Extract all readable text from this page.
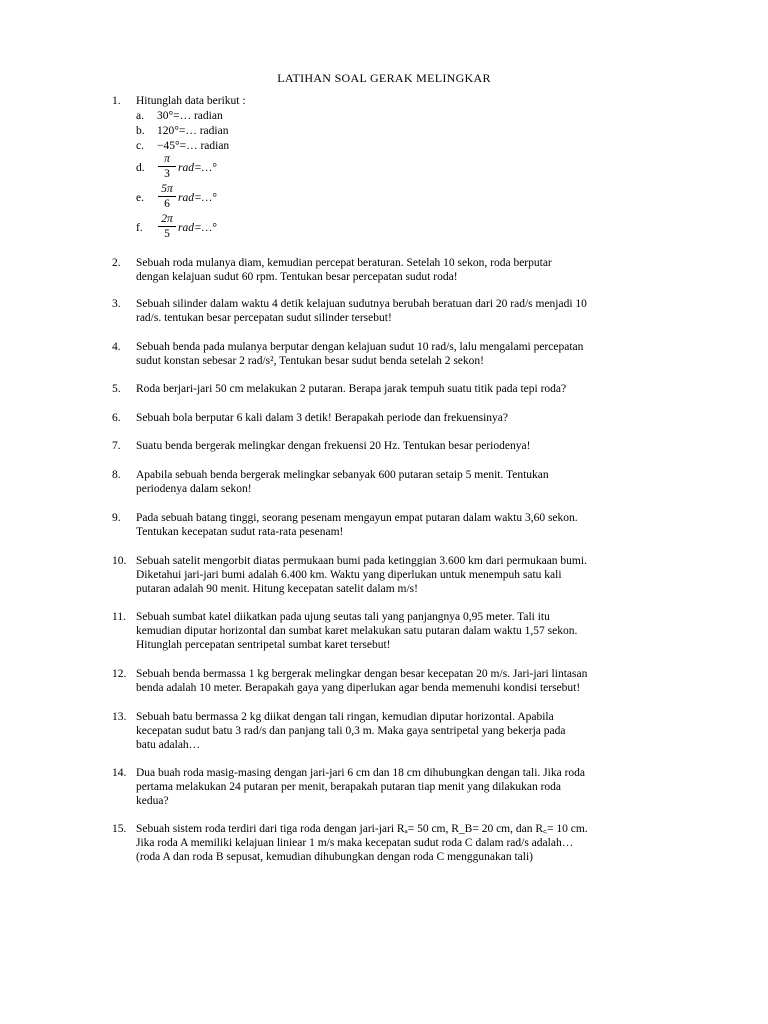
LATIHAN SOAL GERAK MELINGKAR
1. Hitunglah data berikut :
a. 30°=… radian
b. 120°=… radian
c. −45°=… radian
d. $\frac{\pi}{3}$ rad=…°
e. $\frac{5\pi}{6}$ rad=…°
f. $\frac{2\pi}{5}$ rad=…°
2. Sebuah roda mulanya diam, kemudian percepat beraturan. Setelah 10 sekon, roda berputar
dengan kelajuan sudut 60 rpm. Tentukan besar percepatan sudut roda!
3. Sebuah silinder dalam waktu 4 detik kelajuan sudutnya berubah beratuan dari 20 rad/s menjadi 10
rad/s. tentukan besar percepatan sudut silinder tersebut!
4. Sebuah benda pada mulanya berputar dengan kelajuan sudut 10 rad/s, lalu mengalami percepatan
sudut konstan sebesar 2 rad/s², Tentukan besar sudut benda setelah 2 sekon!
5. Roda berjari-jari 50 cm melakukan 2 putaran. Berapa jarak tempuh suatu titik pada tepi roda?
6. Sebuah bola berputar 6 kali dalam 3 detik! Berapakah periode dan frekuensinya?
7. Suatu benda bergerak melingkar dengan frekuensi 20 Hz. Tentukan besar periodenya!
8. Apabila sebuah benda bergerak melingkar sebanyak 600 putaran setaip 5 menit. Tentukan
periodenya dalam sekon!
9. Pada sebuah batang tinggi, seorang pesenam mengayun empat putaran dalam waktu 3,60 sekon.
Tentukan kecepatan sudut rata-rata pesenam!
10. Sebuah satelit mengorbit diatas permukaan bumi pada ketinggian 3.600 km dari permukaan bumi.
Diketahui jari-jari bumi adalah 6.400 km. Waktu yang diperlukan untuk menempuh satu kali
putaran adalah 90 menit. Hitung kecepatan satelit dalam m/s!
11. Sebuah sumbat katel diikatkan pada ujung seutas tali yang panjangnya 0,95 meter. Tali itu
kemudian diputar horizontal dan sumbat karet melakukan satu putaran dalam waktu 1,57 sekon.
Hitunglah percepatan sentripetal sumbat karet tersebut!
12. Sebuah benda bermassa 1 kg bergerak melingkar dengan besar kecepatan 20 m/s. Jari-jari lintasan
benda adalah 10 meter. Berapakah gaya yang diperlukan agar benda memenuhi kondisi tersebut!
13. Sebuah batu bermassa 2 kg diikat dengan tali ringan, kemudian diputar horizontal. Apabila
kecepatan sudut batu 3 rad/s dan panjang tali 0,3 m. Maka gaya sentripetal yang bekerja pada
batu adalah…
14. Dua buah roda masig-masing dengan jari-jari 6 cm dan 18 cm dihubungkan dengan tali. Jika roda
pertama melakukan 24 putaran per menit, berapakah putaran tiap menit yang dilakukan roda
kedua?
15. Sebuah sistem roda terdiri dari tiga roda dengan jari-jari Rₐ= 50 cm, R_B= 20 cm, dan R꜀= 10 cm.
Jika roda A memiliki kelajuan liniear 1 m/s maka kecepatan sudut roda C dalam rad/s adalah…
(roda A dan roda B sepusat, kemudian dihubungkan dengan roda C menggunakan tali)
